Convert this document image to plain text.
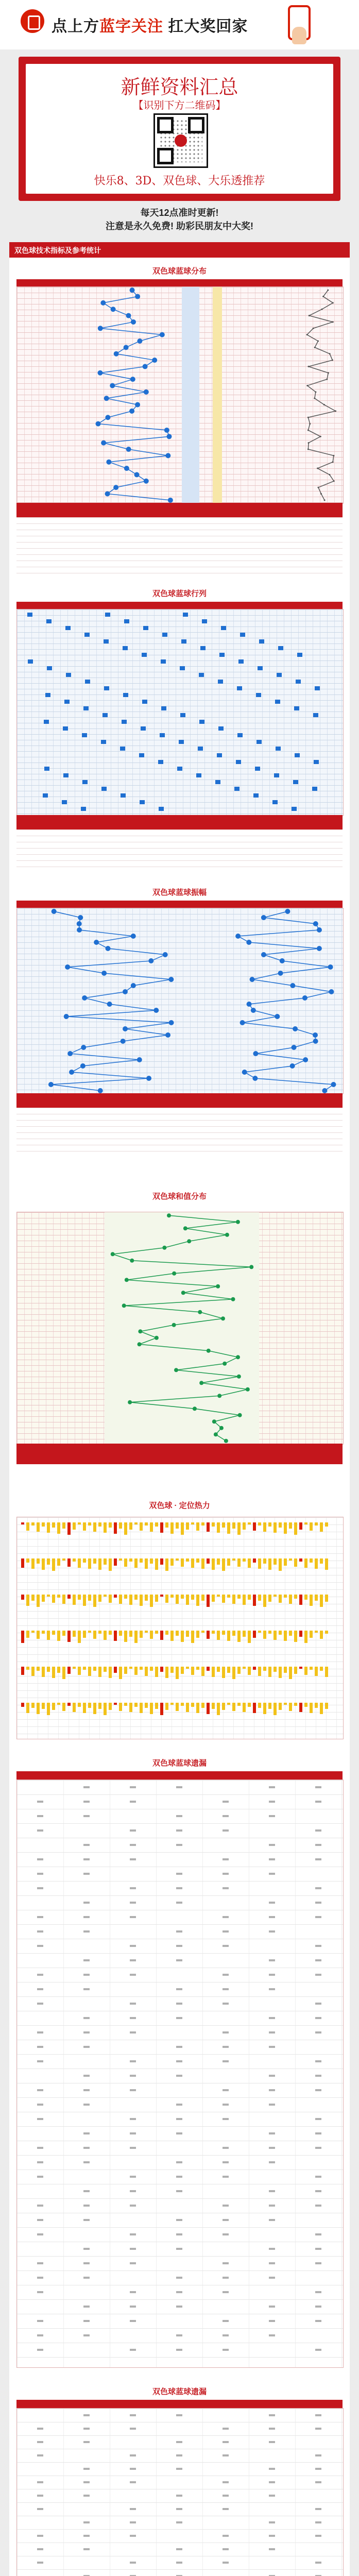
点上方蓝字关注 扛大奖回家
新鲜资料汇总
【识别下方二维码】
快乐8、3D、双色球、大乐透推荐
每天12点准时更新!
注意是永久免费! 助彩民朋友中大奖!
双色球技术指标及参考统计
双色球蓝球分布
双色球蓝球行列
双色球蓝球振幅
双色球和值分布
双色球 · 定位热力
双色球蓝球遗漏
双色球蓝球遗漏
